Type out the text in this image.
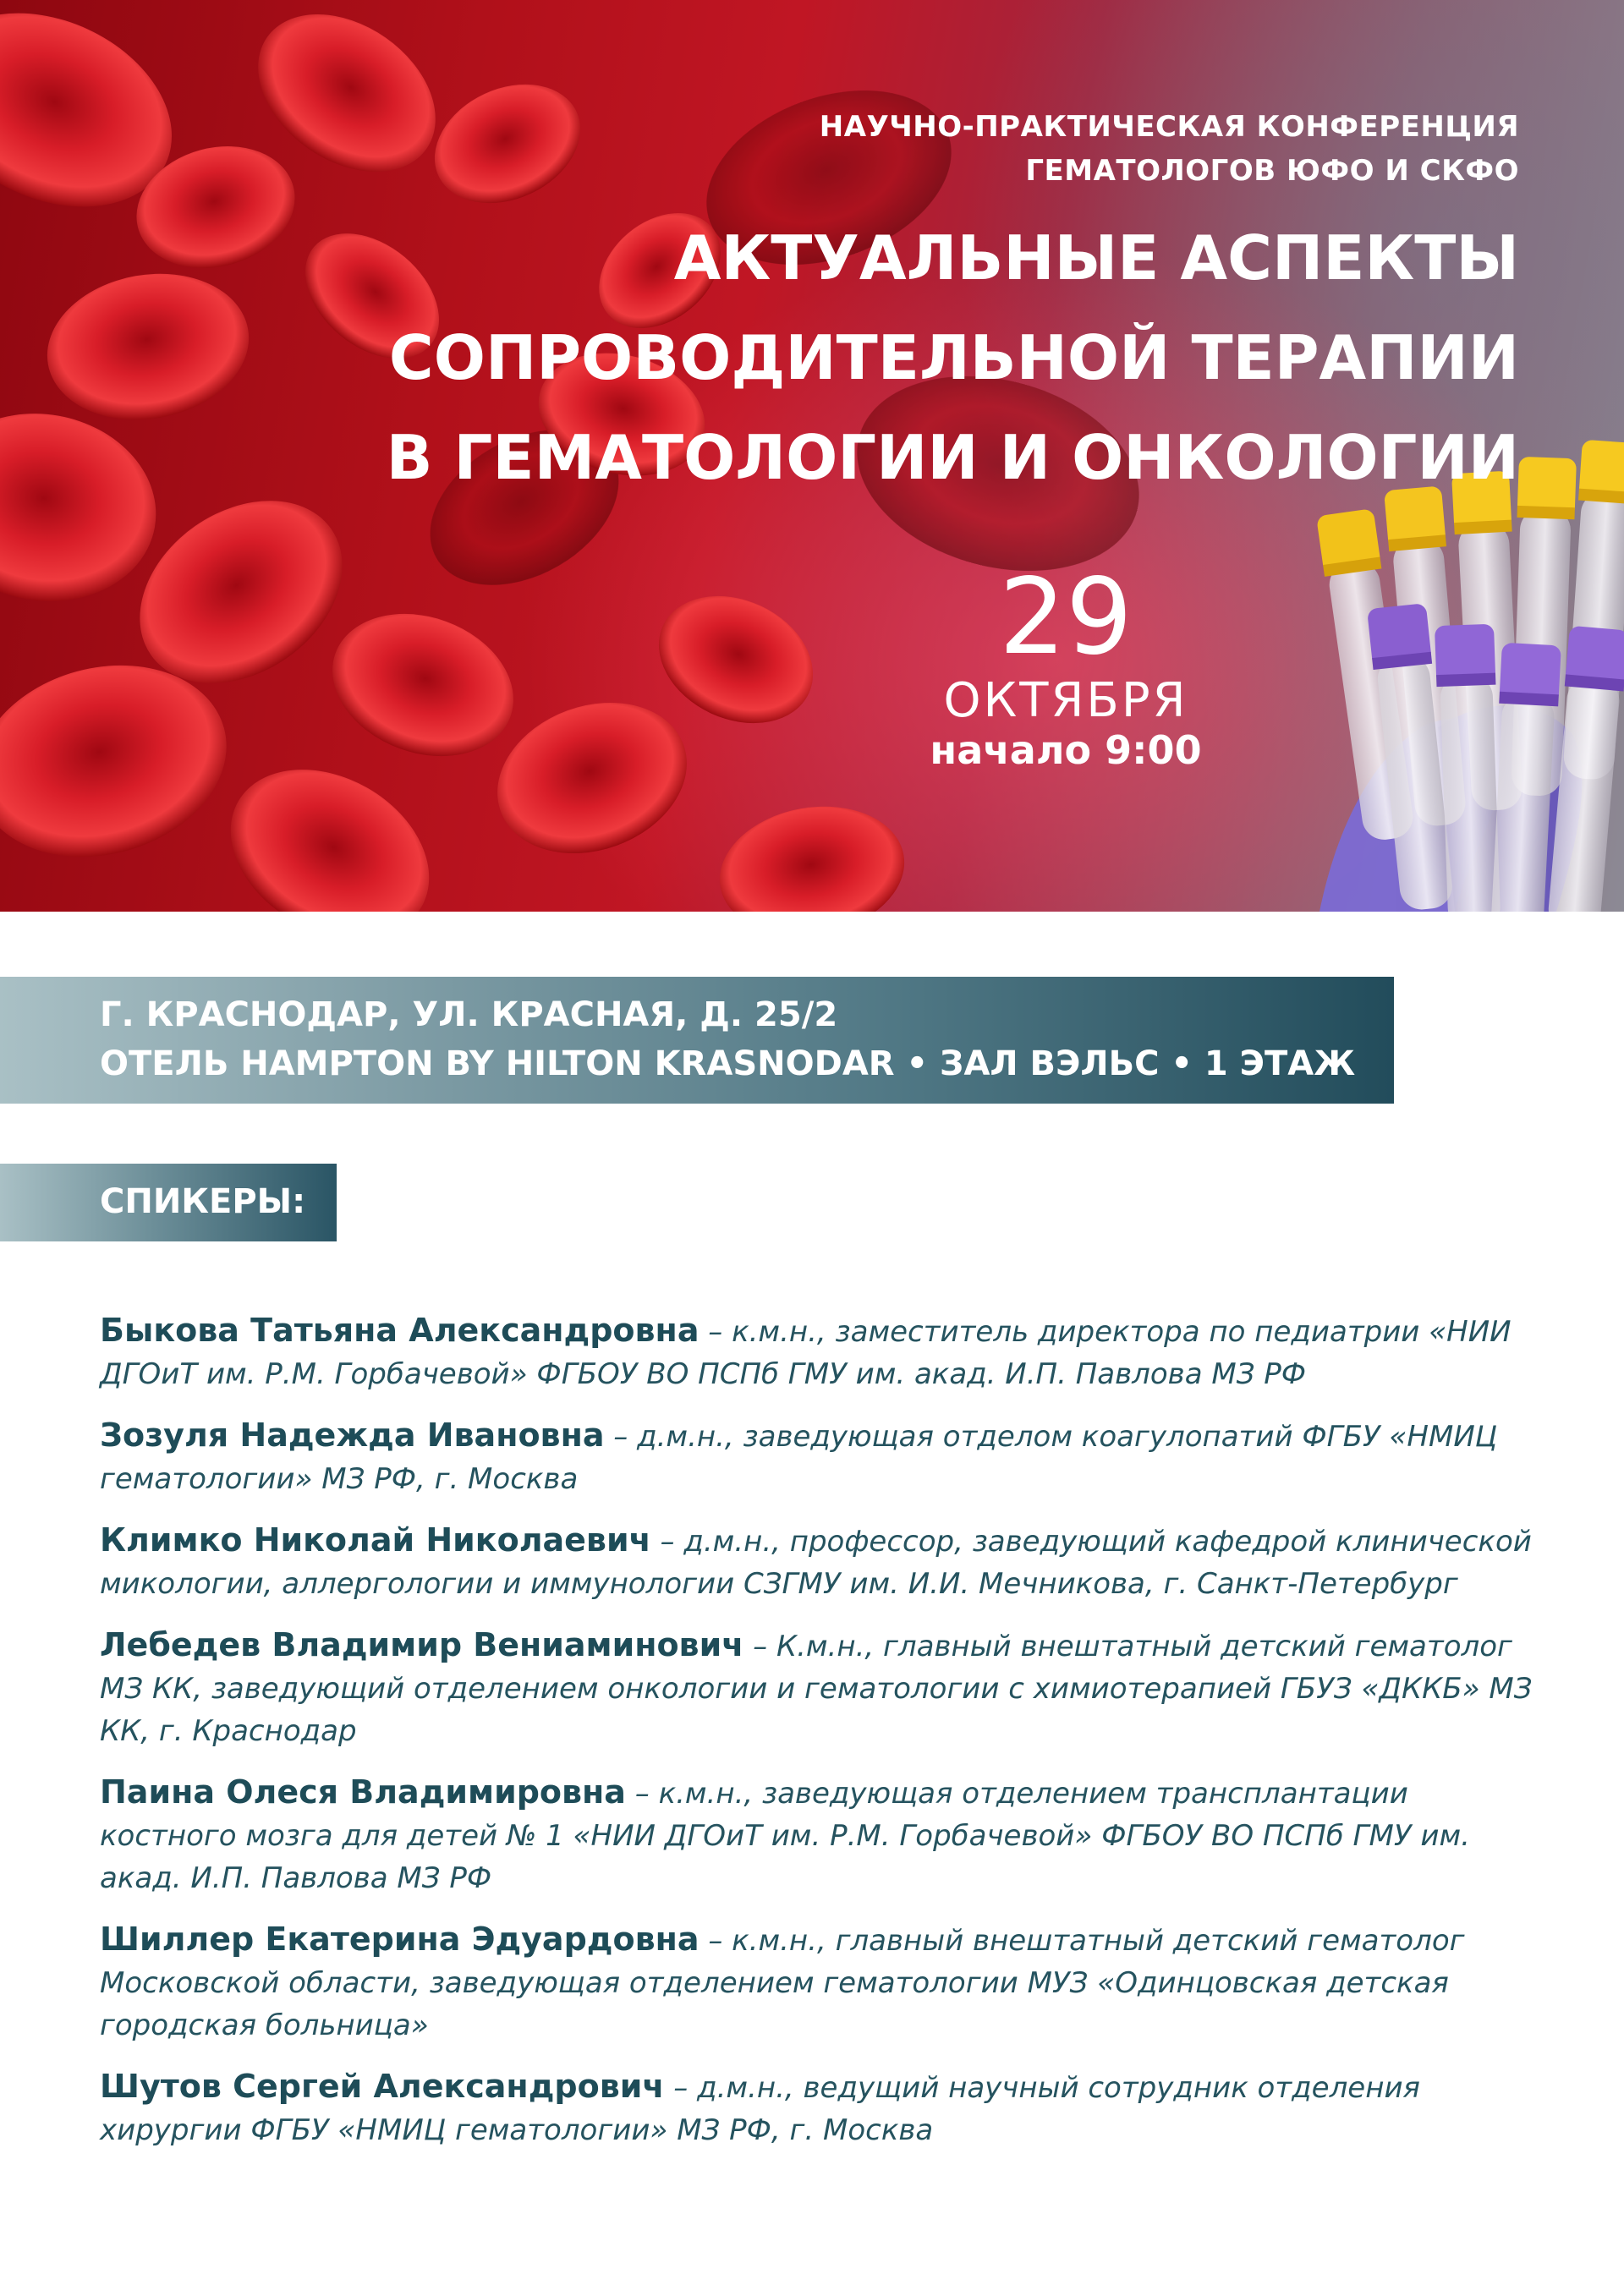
НАУЧНО-ПРАКТИЧЕСКАЯ КОНФЕРЕНЦИЯ
ГЕМАТОЛОГОВ ЮФО И СКФО
АКТУАЛЬНЫЕ АСПЕКТЫ
СОПРОВОДИТЕЛЬНОЙ ТЕРАПИИ
В ГЕМАТОЛОГИИ И ОНКОЛОГИИ
29
ОКТЯБРЯ
начало 9:00
Г. КРАСНОДАР, УЛ. КРАСНАЯ, Д. 25/2
ОТЕЛЬ HAMPTON BY HILTON KRASNODAR • ЗАЛ ВЭЛЬС • 1 ЭТАЖ
СПИКЕРЫ:

Быкова Татьяна Александровна – к.м.н., заместитель директора по педиатрии «НИИ ДГОиТ им. Р.М. Горбачевой» ФГБОУ ВО ПСПб ГМУ им. акад. И.П. Павлова МЗ РФ

Зозуля Надежда Ивановна – д.м.н., заведующая отделом коагулопатий ФГБУ «НМИЦ гематологии» МЗ РФ, г. Москва

Климко Николай Николаевич – д.м.н., профессор, заведующий кафедрой клинической микологии, аллергологии и иммунологии СЗГМУ им. И.И. Мечникова, г. Санкт-Петербург

Лебедев Владимир Вениаминович – К.м.н., главный внештатный детский гематолог МЗ КК, заведующий отделением онкологии и гематологии с химиотерапией ГБУЗ «ДККБ» МЗ КК, г. Краснодар

Паина Олеся Владимировна – к.м.н., заведующая отделением трансплантации костного мозга для детей № 1 «НИИ ДГОиТ им. Р.М. Горбачевой» ФГБОУ ВО ПСПб ГМУ им. акад. И.П. Павлова МЗ РФ

Шиллер Екатерина Эдуардовна – к.м.н., главный внештатный детский гематолог Московской области, заведующая отделением гематологии МУЗ «Одинцовская детская городская больница»

Шутов Сергей Александрович – д.м.н., ведущий научный сотрудник отделения хирургии ФГБУ «НМИЦ гематологии» МЗ РФ, г. Москва
